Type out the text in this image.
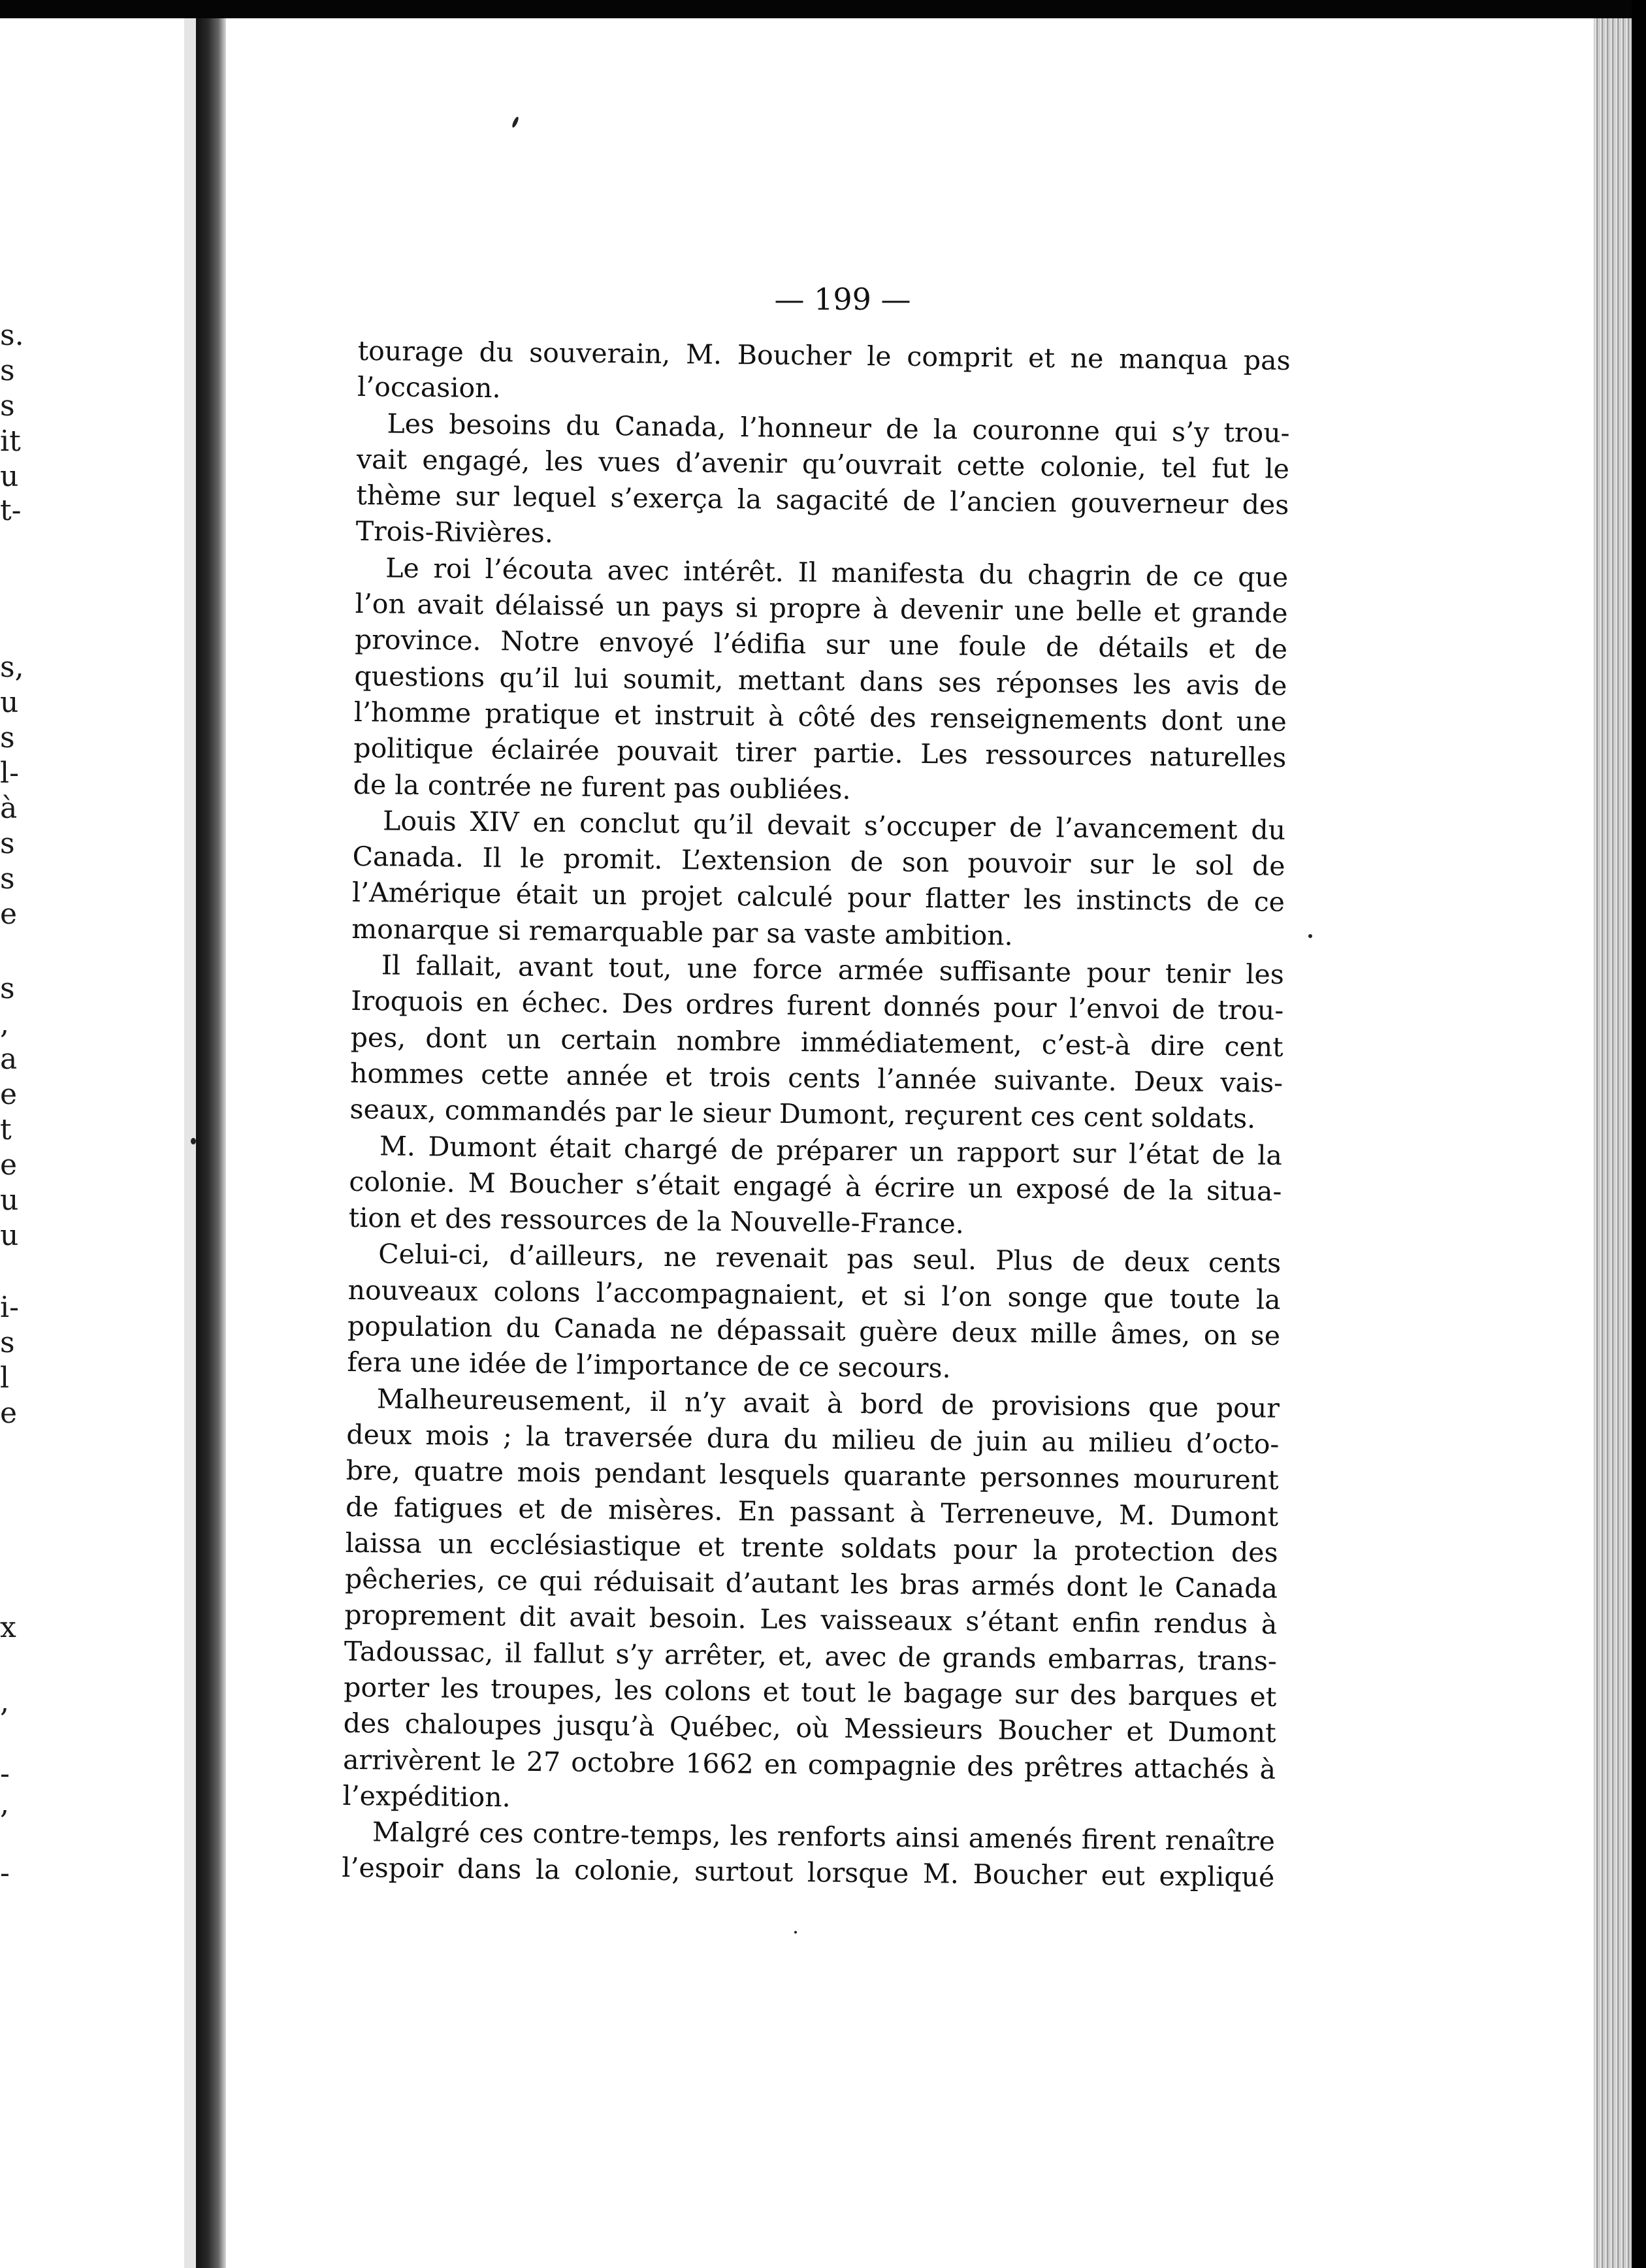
s.
s
s
it
u
t-
s,
u
s
l-
à
s
s
e
s
,
a
e
t
e
u
u
i-
s
l
e
x
,
-
,
-
— 199 —
tourage du souverain, M. Boucher le comprit et ne manqua pas
l’occasion.
Les besoins du Canada, l’honneur de la couronne qui s’y trou-
vait engagé, les vues d’avenir qu’ouvrait cette colonie, tel fut le
thème sur lequel s’exerça la sagacité de l’ancien gouverneur des
Trois-Rivières.
Le roi l’écouta avec intérêt. Il manifesta du chagrin de ce que
l’on avait délaissé un pays si propre à devenir une belle et grande
province. Notre envoyé l’édifia sur une foule de détails et de
questions qu’il lui soumit, mettant dans ses réponses les avis de
l’homme pratique et instruit à côté des renseignements dont une
politique éclairée pouvait tirer partie. Les ressources naturelles
de la contrée ne furent pas oubliées.
Louis XIV en conclut qu’il devait s’occuper de l’avancement du
Canada. Il le promit. L’extension de son pouvoir sur le sol de
l’Amérique était un projet calculé pour flatter les instincts de ce
monarque si remarquable par sa vaste ambition.
Il fallait, avant tout, une force armée suffisante pour tenir les
Iroquois en échec. Des ordres furent donnés pour l’envoi de trou-
pes, dont un certain nombre immédiatement, c’est-à dire cent
hommes cette année et trois cents l’année suivante. Deux vais-
seaux, commandés par le sieur Dumont, reçurent ces cent soldats.
M. Dumont était chargé de préparer un rapport sur l’état de la
colonie. M Boucher s’était engagé à écrire un exposé de la situa-
tion et des ressources de la Nouvelle-France.
Celui-ci, d’ailleurs, ne revenait pas seul. Plus de deux cents
nouveaux colons l’accompagnaient, et si l’on songe que toute la
population du Canada ne dépassait guère deux mille âmes, on se
fera une idée de l’importance de ce secours.
Malheureusement, il n’y avait à bord de provisions que pour
deux mois ; la traversée dura du milieu de juin au milieu d’octo-
bre, quatre mois pendant lesquels quarante personnes moururent
de fatigues et de misères. En passant à Terreneuve, M. Dumont
laissa un ecclésiastique et trente soldats pour la protection des
pêcheries, ce qui réduisait d’autant les bras armés dont le Canada
proprement dit avait besoin. Les vaisseaux s’étant enfin rendus à
Tadoussac, il fallut s’y arrêter, et, avec de grands embarras, trans-
porter les troupes, les colons et tout le bagage sur des barques et
des chaloupes jusqu’à Québec, où Messieurs Boucher et Dumont
arrivèrent le 27 octobre 1662 en compagnie des prêtres attachés à
l’expédition.
Malgré ces contre-temps, les renforts ainsi amenés firent renaître
l’espoir dans la colonie, surtout lorsque M. Boucher eut expliqué
